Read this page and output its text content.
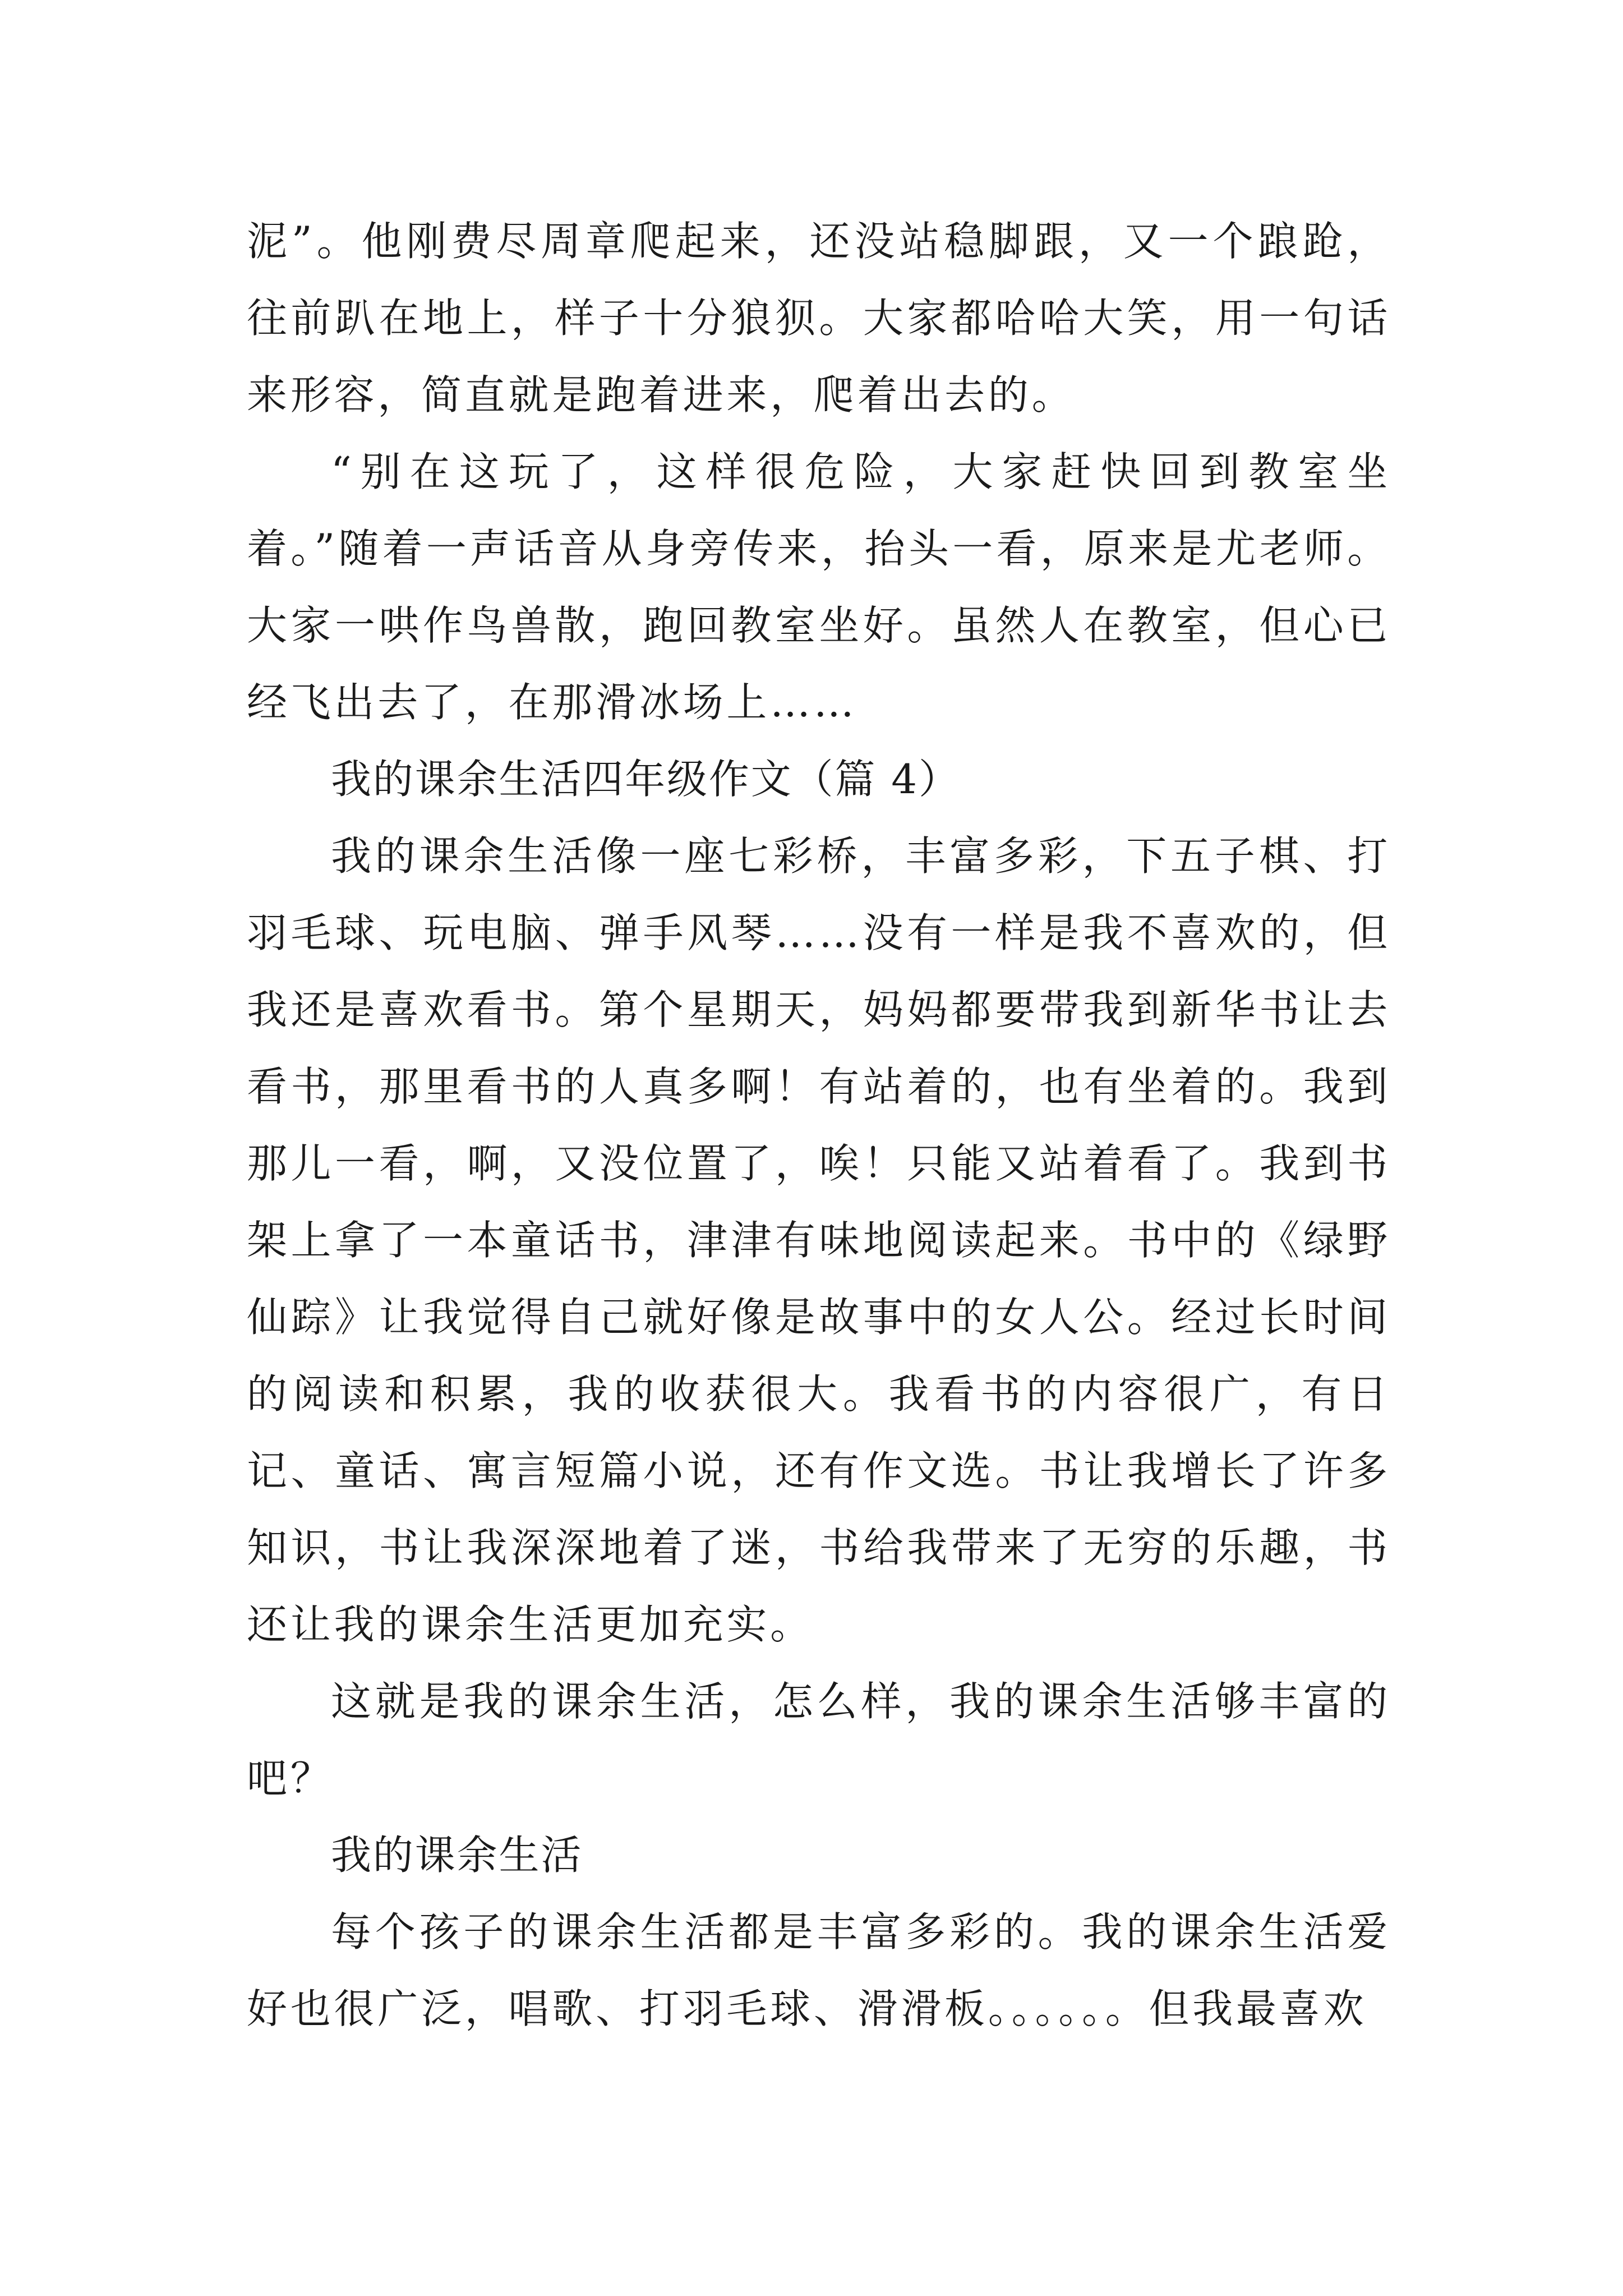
泥”。他刚费尽周章爬起来，还没站稳脚跟，又一个踉跄，往前趴在地上，样子十分狼狈。大家都哈哈大笑，用一句话来形容，简直就是跑着进来，爬着出去的。

“别在这玩了，这样很危险，大家赶快回到教室坐着。”随着一声话音从身旁传来，抬头一看，原来是尤老师。大家一哄作鸟兽散，跑回教室坐好。虽然人在教室，但心已经飞出去了，在那滑冰场上……

我的课余生活四年级作文（篇 4）

我的课余生活像一座七彩桥，丰富多彩，下五子棋、打羽毛球、玩电脑、弹手风琴……没有一样是我不喜欢的，但我还是喜欢看书。第个星期天，妈妈都要带我到新华书让去看书，那里看书的人真多啊！有站着的，也有坐着的。我到那儿一看，啊，又没位置了，唉！只能又站着看了。我到书架上拿了一本童话书，津津有味地阅读起来。书中的《绿野仙踪》让我觉得自己就好像是故事中的女人公。经过长时间的阅读和积累，我的收获很大。我看书的内容很广，有日记、童话、寓言短篇小说，还有作文选。书让我增长了许多知识，书让我深深地着了迷，书给我带来了无穷的乐趣，书还让我的课余生活更加充实。

这就是我的课余生活，怎么样，我的课余生活够丰富的吧？

我的课余生活

每个孩子的课余生活都是丰富多彩的。我的课余生活爱好也很广泛，唱歌、打羽毛球、滑滑板。。。。。。但我最喜欢
